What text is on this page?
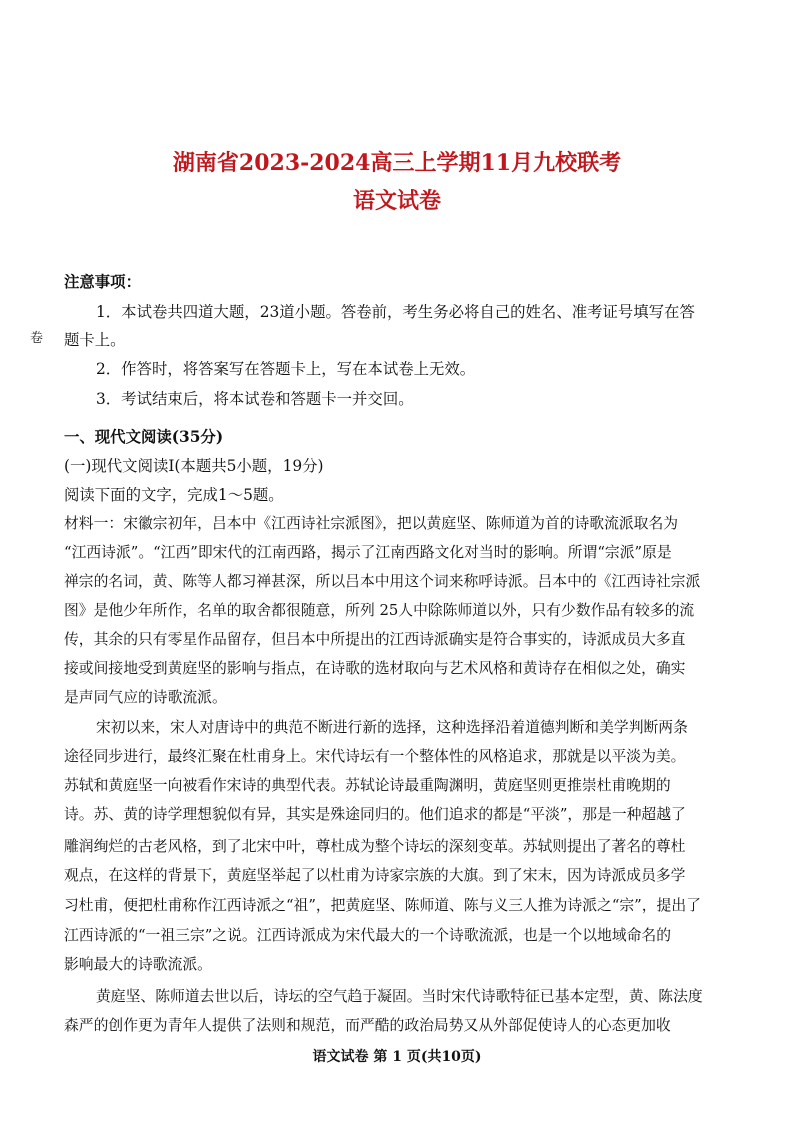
湖南省2023-2024高三上学期11月九校联考
语文试卷
卷
注意事项：
1．本试卷共四道大题，23道小题。答卷前，考生务必将自己的姓名、准考证号填写在答
题卡上。
2．作答时，将答案写在答题卡上，写在本试卷上无效。
3．考试结束后，将本试卷和答题卡一并交回。
一、现代文阅读(35分)
(一)现代文阅读Ⅰ(本题共5小题，19分)
阅读下面的文字，完成1～5题。
材料一：宋徽宗初年，吕本中《江西诗社宗派图》，把以黄庭坚、陈师道为首的诗歌流派取名为
“江西诗派”。“江西”即宋代的江南西路，揭示了江南西路文化对当时的影响。所谓“宗派”原是
禅宗的名词，黄、陈等人都习禅甚深，所以吕本中用这个词来称呼诗派。吕本中的《江西诗社宗派
图》是他少年所作，名单的取舍都很随意，所列 25人中除陈师道以外，只有少数作品有较多的流
传，其余的只有零星作品留存，但吕本中所提出的江西诗派确实是符合事实的，诗派成员大多直
接或间接地受到黄庭坚的影响与指点，在诗歌的选材取向与艺术风格和黄诗存在相似之处，确实
是声同气应的诗歌流派。
宋初以来，宋人对唐诗中的典范不断进行新的选择，这种选择沿着道德判断和美学判断两条
途径同步进行，最终汇聚在杜甫身上。宋代诗坛有一个整体性的风格追求，那就是以平淡为美。
苏轼和黄庭坚一向被看作宋诗的典型代表。苏轼论诗最重陶渊明，黄庭坚则更推崇杜甫晚期的
诗。苏、黄的诗学理想貌似有异，其实是殊途同归的。他们追求的都是“平淡”，那是一种超越了
雕润绚烂的古老风格，到了北宋中叶，尊杜成为整个诗坛的深刻变革。苏轼则提出了著名的尊杜
观点，在这样的背景下，黄庭坚举起了以杜甫为诗家宗族的大旗。到了宋末，因为诗派成员多学
习杜甫，便把杜甫称作江西诗派之“祖”，把黄庭坚、陈师道、陈与义三人推为诗派之“宗”，提出了
江西诗派的“一祖三宗”之说。江西诗派成为宋代最大的一个诗歌流派，也是一个以地域命名的
影响最大的诗歌流派。
黄庭坚、陈师道去世以后，诗坛的空气趋于凝固。当时宋代诗歌特征已基本定型，黄、陈法度
森严的创作更为青年人提供了法则和规范，而严酷的政治局势又从外部促使诗人的心态更加收
语文试卷 第 1 页(共10页)
